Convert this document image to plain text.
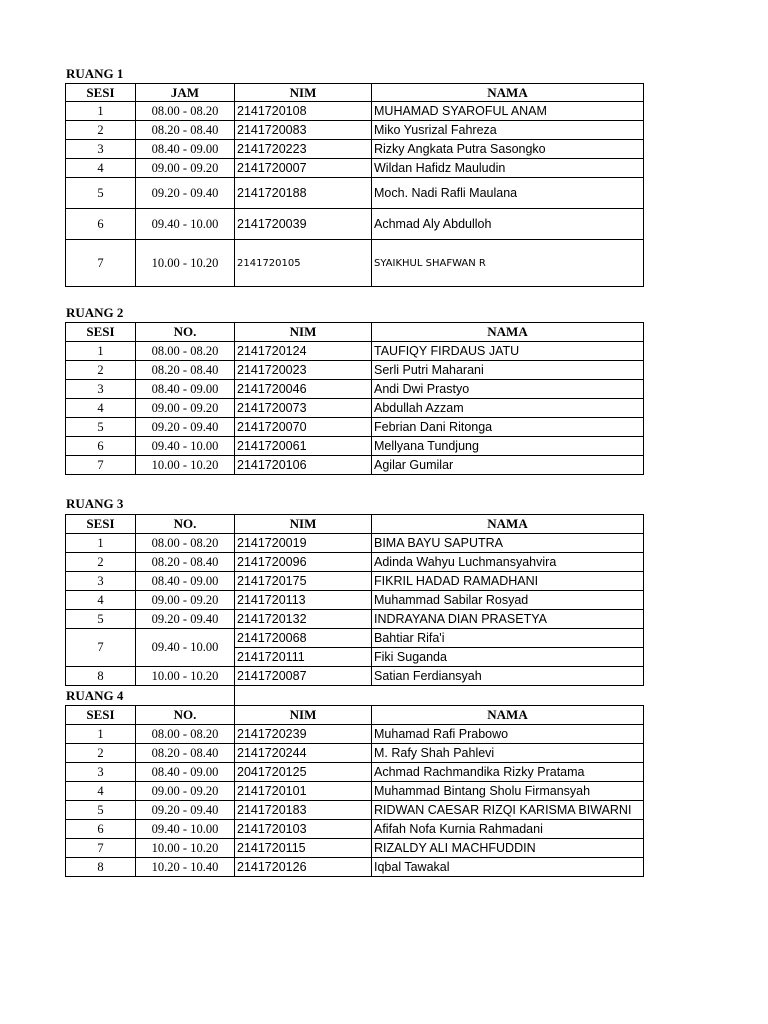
RUANG 1
SESI	JAM	NIM	NAMA
1	08.00 - 08.20	2141720108	MUHAMAD SYAROFUL ANAM
2	08.20 - 08.40	2141720083	Miko Yusrizal Fahreza
3	08.40 - 09.00	2141720223	Rizky Angkata Putra Sasongko
4	09.00 - 09.20	2141720007	Wildan Hafidz Mauludin
5	09.20 - 09.40	2141720188	Moch. Nadi Rafli Maulana
6	09.40 - 10.00	2141720039	Achmad Aly Abdulloh
7	10.00 - 10.20	2141720105	SYAIKHUL SHAFWAN R
RUANG 2
SESI	NO.	NIM	NAMA
1	08.00 - 08.20	2141720124	TAUFIQY FIRDAUS JATU
2	08.20 - 08.40	2141720023	Serli Putri Maharani
3	08.40 - 09.00	2141720046	Andi Dwi Prastyo
4	09.00 - 09.20	2141720073	Abdullah Azzam
5	09.20 - 09.40	2141720070	Febrian Dani Ritonga
6	09.40 - 10.00	2141720061	Mellyana Tundjung
7	10.00 - 10.20	2141720106	Agilar Gumilar
RUANG 3
SESI	NO.	NIM	NAMA
1	08.00 - 08.20	2141720019	BIMA BAYU SAPUTRA
2	08.20 - 08.40	2141720096	Adinda Wahyu Luchmansyahvira
3	08.40 - 09.00	2141720175	FIKRIL HADAD RAMADHANI
4	09.00 - 09.20	2141720113	Muhammad Sabilar Rosyad
5	09.20 - 09.40	2141720132	INDRAYANA DIAN PRASETYA
7	09.40 - 10.00	2141720068	Bahtiar Rifa'i
		2141720111	Fiki Suganda
8	10.00 - 10.20	2141720087	Satian Ferdiansyah
RUANG 4
SESI	NO.	NIM	NAMA
1	08.00 - 08.20	2141720239	Muhamad Rafi Prabowo
2	08.20 - 08.40	2141720244	M. Rafy Shah Pahlevi
3	08.40 - 09.00	2041720125	Achmad Rachmandika Rizky Pratama
4	09.00 - 09.20	2141720101	Muhammad Bintang Sholu Firmansyah
5	09.20 - 09.40	2141720183	RIDWAN CAESAR RIZQI KARISMA BIWARNI
6	09.40 - 10.00	2141720103	Afifah Nofa Kurnia Rahmadani
7	10.00 - 10.20	2141720115	RIZALDY ALI MACHFUDDIN
8	10.20 - 10.40	2141720126	Iqbal Tawakal
